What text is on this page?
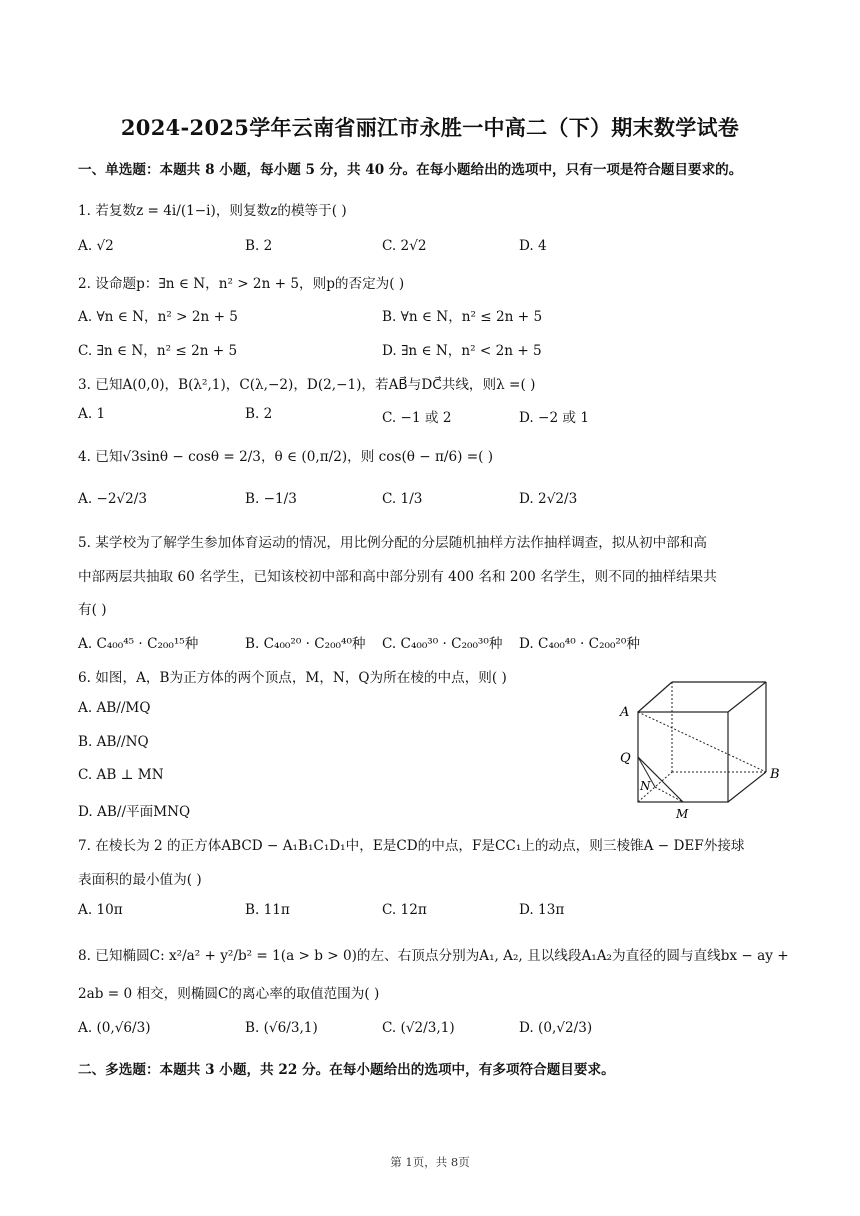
2024-2025学年云南省丽江市永胜一中高二（下）期末数学试卷
一、单选题：本题共 8 小题，每小题 5 分，共 40 分。在每小题给出的选项中，只有一项是符合题目要求的。
1. 若复数z = 4i/(1−i)，则复数z的模等于( )
A. √2	B. 2	C. 2√2	D. 4
2. 设命题p：∃n ∈ N，n² > 2n + 5，则p的否定为( )
A. ∀n ∈ N，n² > 2n + 5	B. ∀n ∈ N，n² ≤ 2n + 5
C. ∃n ∈ N，n² ≤ 2n + 5	D. ∃n ∈ N，n² < 2n + 5
3. 已知A(0,0)，B(λ²,1)，C(λ,−2)，D(2,−1)，若AB⃗与DC⃗共线，则λ =( )
A. 1	B. 2	C. −1 或 2	D. −2 或 1
4. 已知√3sinθ − cosθ = 2/3，θ ∈ (0,π/2)，则 cos(θ − π/6) =( )
A. −2√2/3	B. −1/3	C. 1/3	D. 2√2/3
5. 某学校为了解学生参加体育运动的情况，用比例分配的分层随机抽样方法作抽样调查，拟从初中部和高
中部两层共抽取 60 名学生，已知该校初中部和高中部分别有 400 名和 200 名学生，则不同的抽样结果共
有( )
A. C₄₀₀⁴⁵ · C₂₀₀¹⁵种	B. C₄₀₀²⁰ · C₂₀₀⁴⁰种 C. C₄₀₀³⁰ · C₂₀₀³⁰种 D. C₄₀₀⁴⁰ · C₂₀₀²⁰种
6. 如图，A，B为正方体的两个顶点，M，N，Q为所在棱的中点，则( )
A. AB//MQ
B. AB//NQ
C. AB ⊥ MN
D. AB//平面MNQ
A
B
Q
N
M
7. 在棱长为 2 的正方体ABCD − A₁B₁C₁D₁中，E是CD的中点，F是CC₁上的动点，则三棱锥A − DEF外接球
表面积的最小值为( )
A. 10π	B. 11π	C. 12π	D. 13π
8. 已知椭圆C: x²/a² + y²/b² = 1(a > b > 0)的左、右顶点分别为A₁, A₂, 且以线段A₁A₂为直径的圆与直线bx − ay +
2ab = 0 相交，则椭圆C的离心率的取值范围为( )
A. (0,√6/3)	B. (√6/3,1)	C. (√2/3,1)	D. (0,√2/3)
二、多选题：本题共 3 小题，共 22 分。在每小题给出的选项中，有多项符合题目要求。
第 1页，共 8页
